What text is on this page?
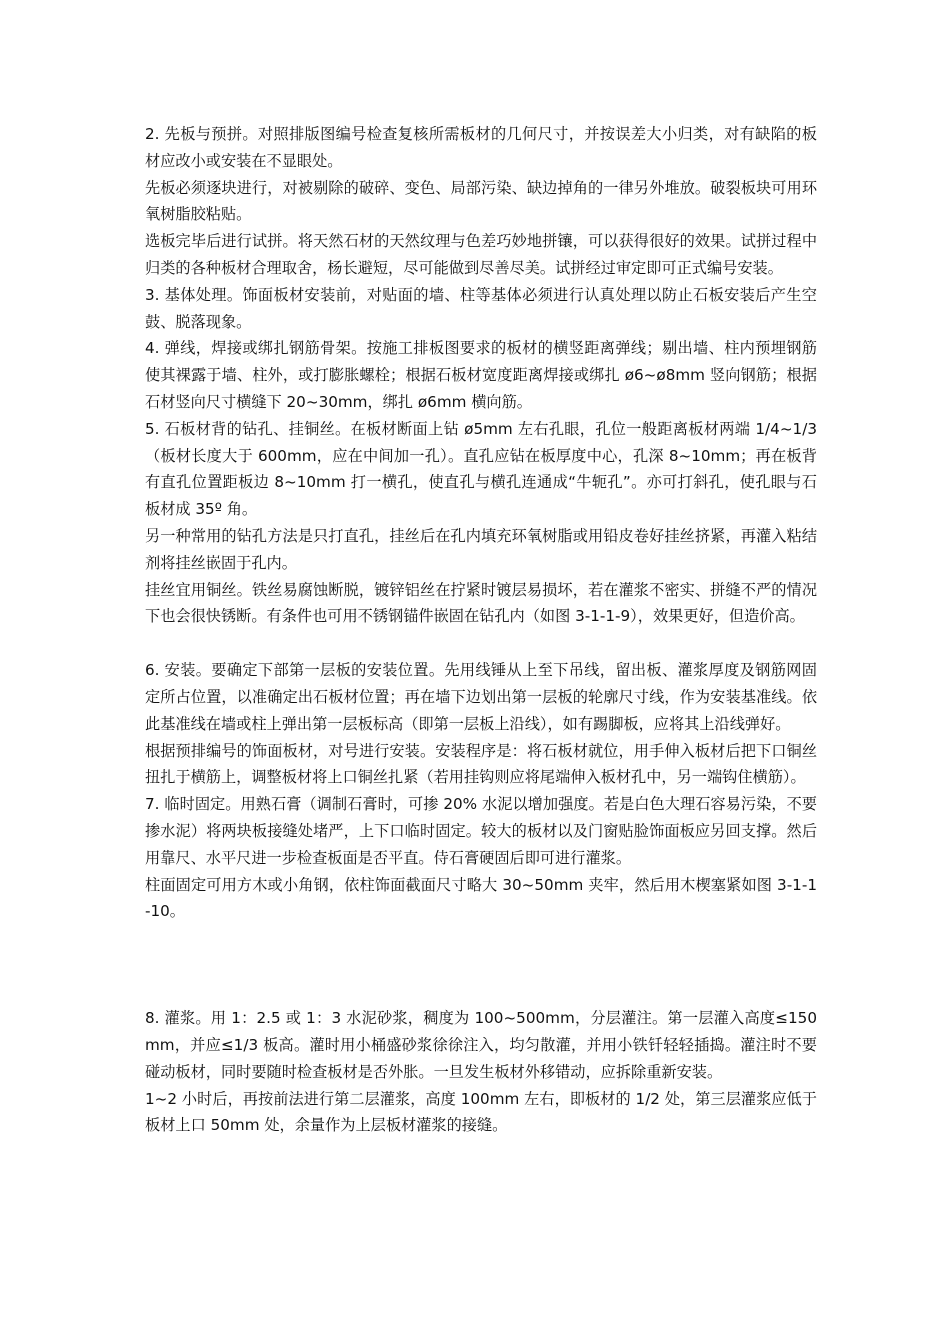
2. 先板与预拼。对照排版图编号检查复核所需板材的几何尺寸，并按误差大小归类，对有缺陷的板材应改小或安装在不显眼处。

先板必须逐块进行，对被剔除的破碎、变色、局部污染、缺边掉角的一律另外堆放。破裂板块可用环氧树脂胶粘贴。

选板完毕后进行试拼。将天然石材的天然纹理与色差巧妙地拼镶，可以获得很好的效果。试拼过程中归类的各种板材合理取舍，杨长避短，尽可能做到尽善尽美。试拼经过审定即可正式编号安装。

3. 基体处理。饰面板材安装前，对贴面的墙、柱等基体必须进行认真处理以防止石板安装后产生空鼓、脱落现象。

4. 弹线，焊接或绑扎钢筋骨架。按施工排板图要求的板材的横竖距离弹线；剔出墙、柱内预埋钢筋使其裸露于墙、柱外，或打膨胀螺栓；根据石板材宽度距离焊接或绑扎 ø6~ø8mm 竖向钢筋；根据石材竖向尺寸横缝下 20~30mm，绑扎 ø6mm 横向筋。

5. 石板材背的钻孔、挂铜丝。在板材断面上钻 ø5mm 左右孔眼，孔位一般距离板材两端 1/4~1/3（板材长度大于 600mm，应在中间加一孔）。直孔应钻在板厚度中心，孔深 8~10mm；再在板背有直孔位置距板边 8~10mm 打一横孔，使直孔与横孔连通成“牛轭孔”。亦可打斜孔，使孔眼与石板材成 35º 角。

另一种常用的钻孔方法是只打直孔，挂丝后在孔内填充环氧树脂或用铅皮卷好挂丝挤紧，再灌入粘结剂将挂丝嵌固于孔内。

挂丝宜用铜丝。铁丝易腐蚀断脱，镀锌铝丝在拧紧时镀层易损坏，若在灌浆不密实、拼缝不严的情况下也会很快锈断。有条件也可用不锈钢锚件嵌固在钻孔内（如图 3-1-1-9），效果更好，但造价高。

6. 安装。要确定下部第一层板的安装位置。先用线锤从上至下吊线，留出板、灌浆厚度及钢筋网固定所占位置，以准确定出石板材位置；再在墙下边划出第一层板的轮廓尺寸线，作为安装基准线。依此基准线在墙或柱上弹出第一层板标高（即第一层板上沿线），如有踢脚板，应将其上沿线弹好。

根据预排编号的饰面板材，对号进行安装。安装程序是：将石板材就位，用手伸入板材后把下口铜丝扭扎于横筋上，调整板材将上口铜丝扎紧（若用挂钩则应将尾端伸入板材孔中，另一端钩住横筋）。

7. 临时固定。用熟石膏（调制石膏时，可掺 20% 水泥以增加强度。若是白色大理石容易污染，不要掺水泥）将两块板接缝处堵严，上下口临时固定。较大的板材以及门窗贴脸饰面板应另回支撑。然后用靠尺、水平尺进一步检查板面是否平直。侍石膏硬固后即可进行灌浆。

柱面固定可用方木或小角钢，依柱饰面截面尺寸略大 30~50mm 夹牢，然后用木楔塞紧如图 3-1-1-10。

8. 灌浆。用 1：2.5 或 1：3 水泥砂浆，稠度为 100~500mm，分层灌注。第一层灌入高度≤150mm，并应≤1/3 板高。灌时用小桶盛砂浆徐徐注入，均匀散灌，并用小铁钎轻轻插捣。灌注时不要碰动板材，同时要随时检查板材是否外胀。一旦发生板材外移错动，应拆除重新安装。

1~2 小时后，再按前法进行第二层灌浆，高度 100mm 左右，即板材的 1/2 处，第三层灌浆应低于板材上口 50mm 处，余量作为上层板材灌浆的接缝。
